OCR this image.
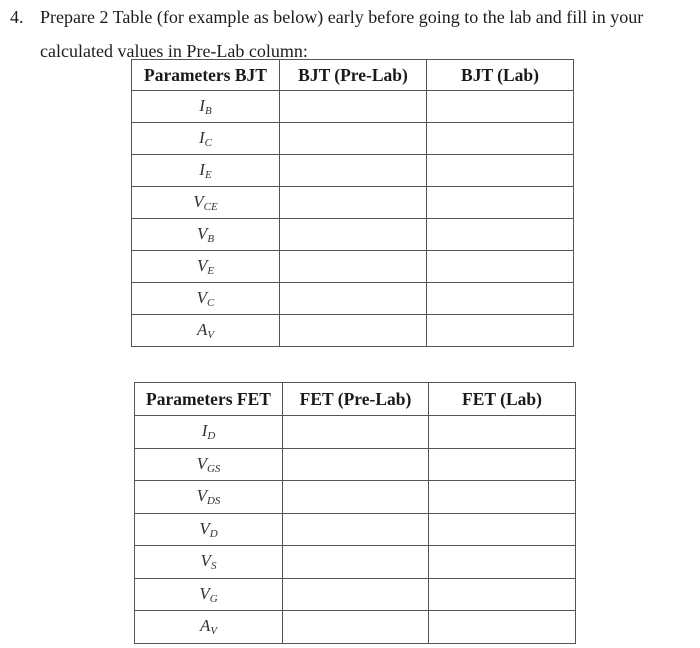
4. Prepare 2 Table (for example as below) early before going to the lab and fill in your
calculated values in Pre-Lab column:
Parameters BJT	BJT (Pre-Lab)	BJT (Lab)
$I_B$		
$I_C$		
$I_E$		
$V_{CE}$		
$V_B$		
$V_E$		
$V_C$		
$A_V$		
Parameters FET	FET (Pre-Lab)	FET (Lab)
$I_D$		
$V_{GS}$		
$V_{DS}$		
$V_D$		
$V_S$		
$V_G$		
$A_V$		
